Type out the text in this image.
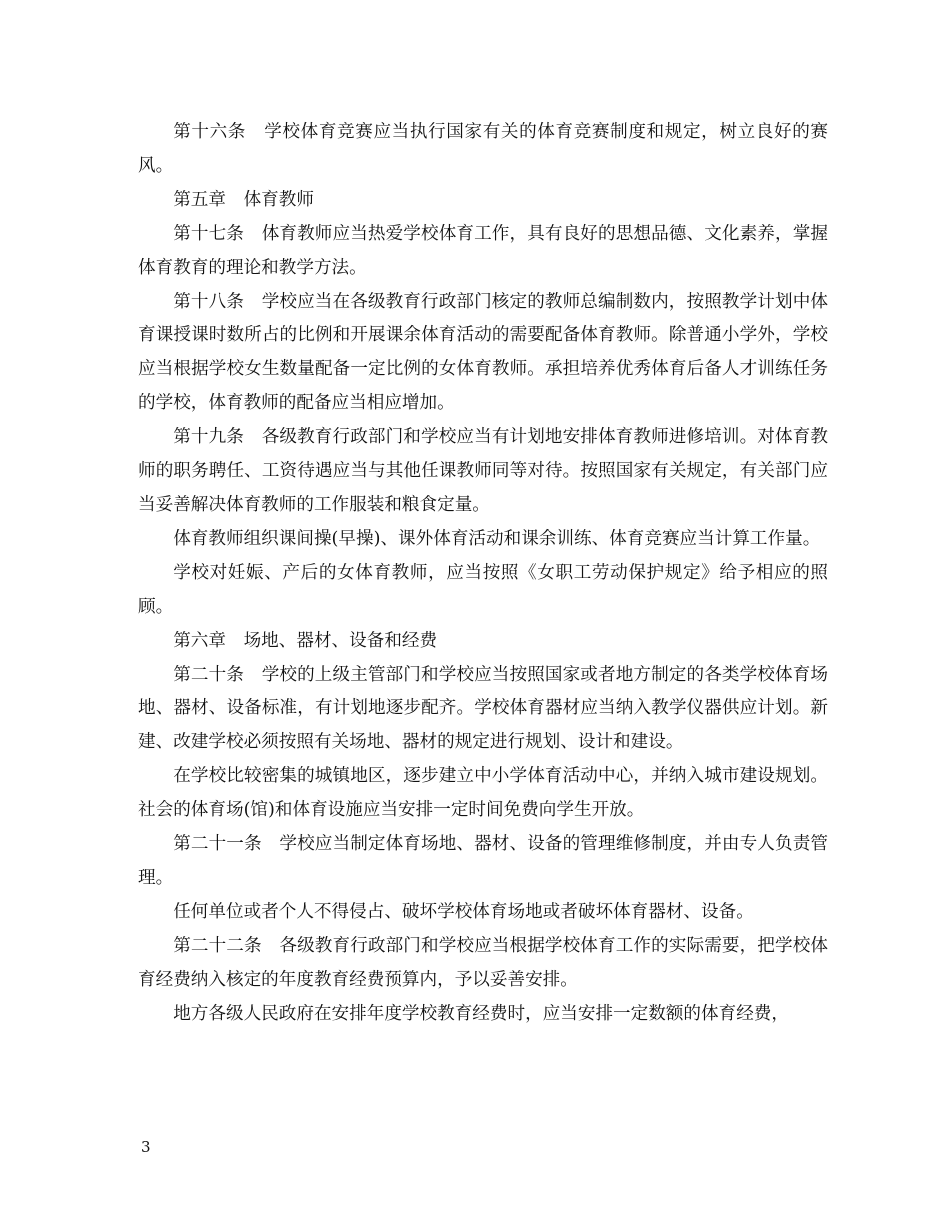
第十六条　学校体育竞赛应当执行国家有关的体育竞赛制度和规定，树立良好的赛风。

第五章　体育教师

第十七条　体育教师应当热爱学校体育工作，具有良好的思想品德、文化素养，掌握体育教育的理论和教学方法。

第十八条　学校应当在各级教育行政部门核定的教师总编制数内，按照教学计划中体育课授课时数所占的比例和开展课余体育活动的需要配备体育教师。除普通小学外，学校应当根据学校女生数量配备一定比例的女体育教师。承担培养优秀体育后备人才训练任务的学校，体育教师的配备应当相应增加。

第十九条　各级教育行政部门和学校应当有计划地安排体育教师进修培训。对体育教师的职务聘任、工资待遇应当与其他任课教师同等对待。按照国家有关规定，有关部门应当妥善解决体育教师的工作服装和粮食定量。

体育教师组织课间操(早操)、课外体育活动和课余训练、体育竞赛应当计算工作量。

学校对妊娠、产后的女体育教师，应当按照《女职工劳动保护规定》给予相应的照顾。

第六章　场地、器材、设备和经费

第二十条　学校的上级主管部门和学校应当按照国家或者地方制定的各类学校体育场地、器材、设备标准，有计划地逐步配齐。学校体育器材应当纳入教学仪器供应计划。新建、改建学校必须按照有关场地、器材的规定进行规划、设计和建设。

在学校比较密集的城镇地区，逐步建立中小学体育活动中心，并纳入城市建设规划。社会的体育场(馆)和体育设施应当安排一定时间免费向学生开放。

第二十一条　学校应当制定体育场地、器材、设备的管理维修制度，并由专人负责管理。

任何单位或者个人不得侵占、破坏学校体育场地或者破坏体育器材、设备。

第二十二条　各级教育行政部门和学校应当根据学校体育工作的实际需要，把学校体育经费纳入核定的年度教育经费预算内，予以妥善安排。

地方各级人民政府在安排年度学校教育经费时，应当安排一定数额的体育经费，

3
